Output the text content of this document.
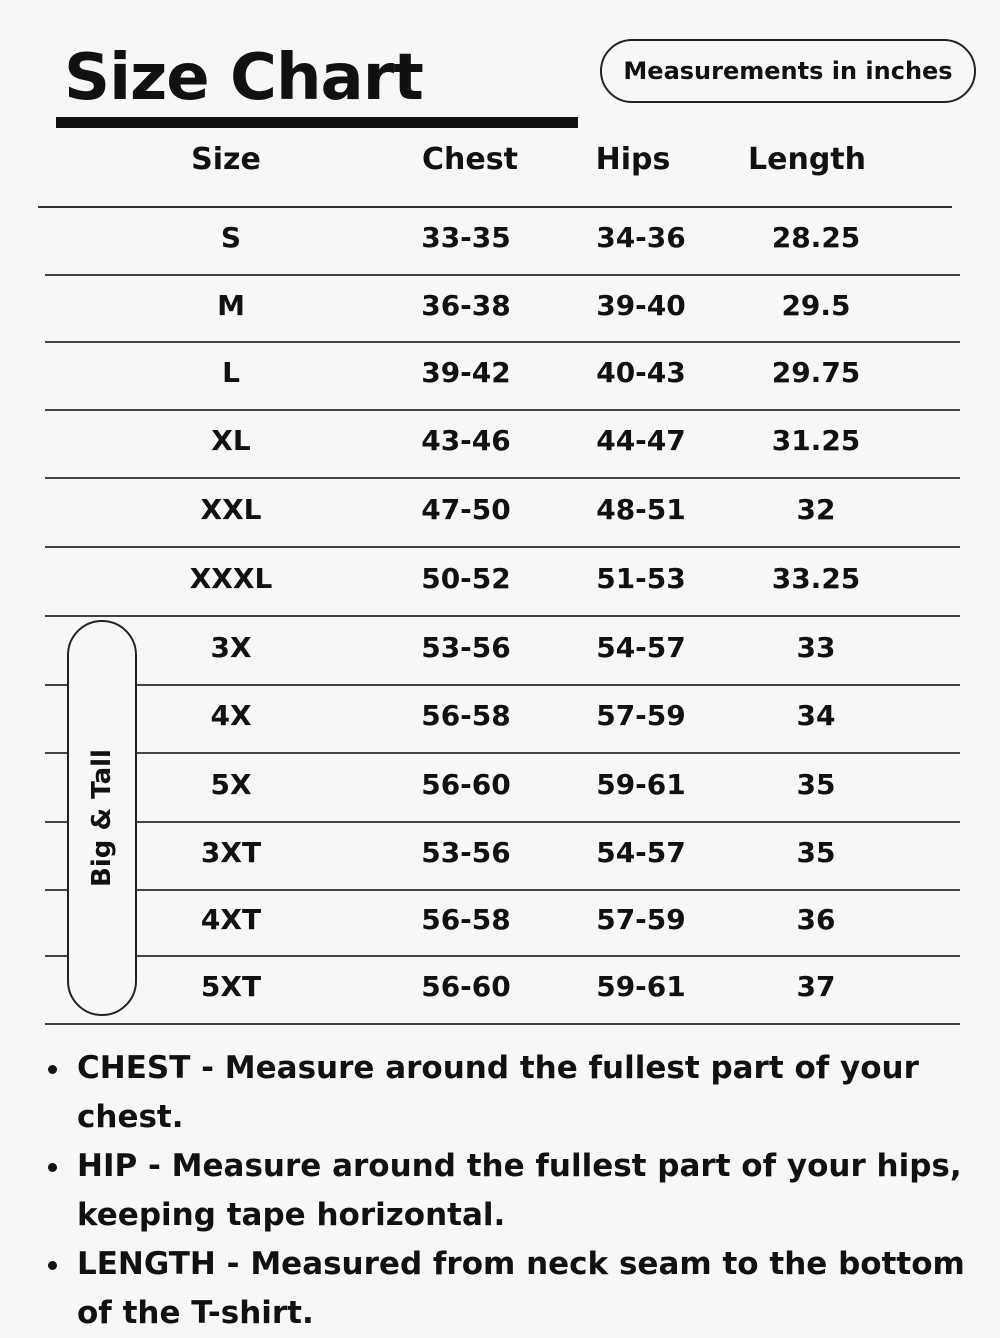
Size Chart	Measurements in inches
Size	Chest	Hips	Length
S	33-35	34-36	28.25
M	36-38	39-40	29.5
L	39-42	40-43	29.75
XL	43-46	44-47	31.25
XXL	47-50	48-51	32
XXXL	50-52	51-53	33.25
3X	53-56	54-57	33
4X	56-58	57-59	34
5X	56-60	59-61	35
3XT	53-56	54-57	35
4XT	56-58	57-59	36
5XT	56-60	59-61	37
Big & Tall
CHEST - Measure around the fullest part of your chest.
HIP - Measure around the fullest part of your hips, keeping tape horizontal.
LENGTH - Measured from neck seam to the bottom of the T-shirt.
